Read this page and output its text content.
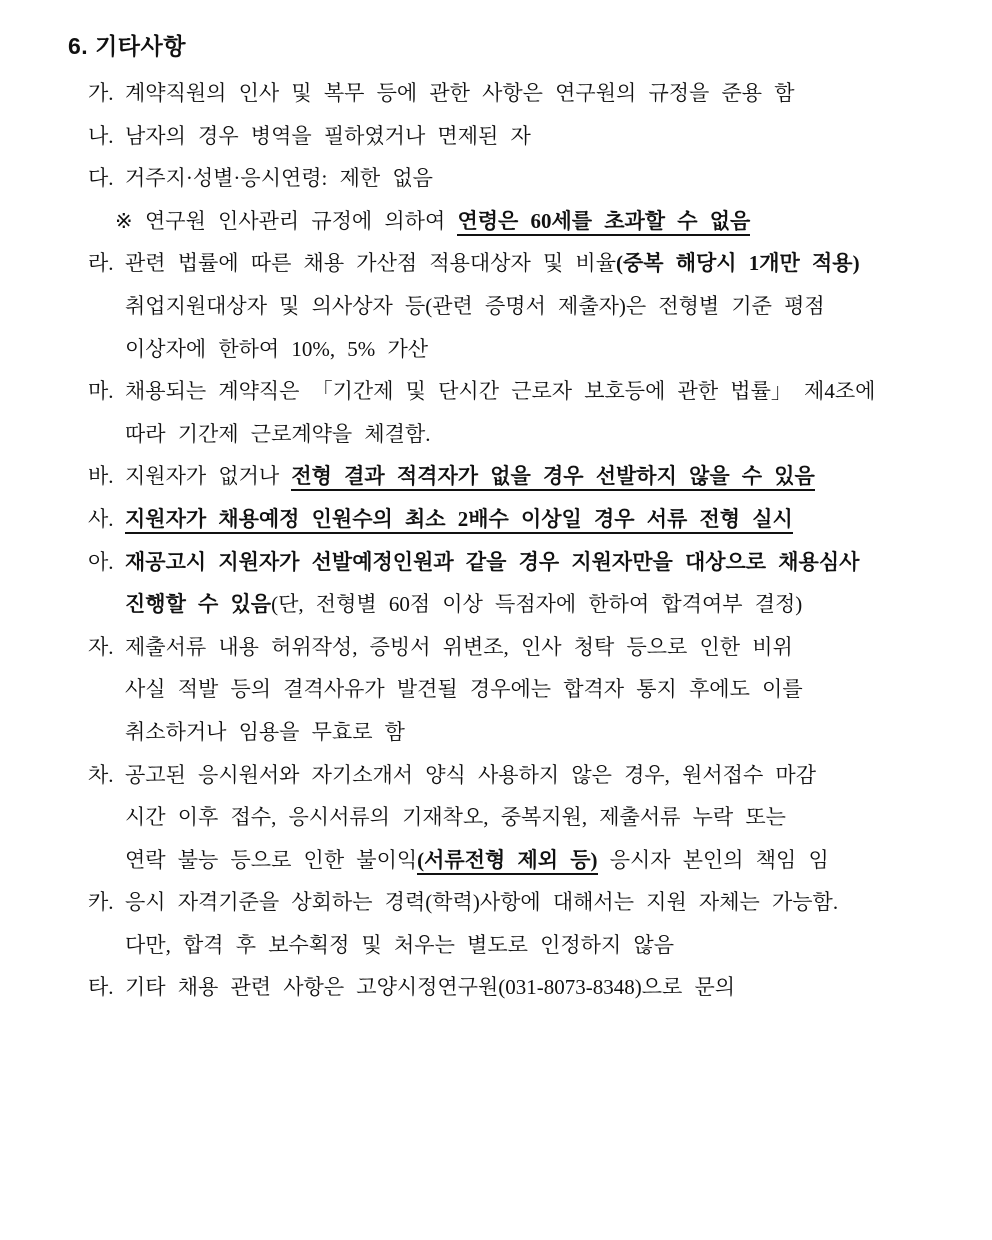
6. 기타사항
가. 계약직원의 인사 및 복무 등에 관한 사항은 연구원의 규정을 준용 함
나. 남자의 경우 병역을 필하였거나 면제된 자
다. 거주지·성별·응시연령: 제한 없음
※ 연구원 인사관리 규정에 의하여 연령은 60세를 초과할 수 없음
라. 관련 법률에 따른 채용 가산점 적용대상자 및 비율(중복 해당시 1개만 적용)
취업지원대상자 및 의사상자 등(관련 증명서 제출자)은 전형별 기준 평점
이상자에 한하여 10%, 5% 가산
마. 채용되는 계약직은 「기간제 및 단시간 근로자 보호등에 관한 법률」 제4조에
따라 기간제 근로계약을 체결함.
바. 지원자가 없거나 전형 결과 적격자가 없을 경우 선발하지 않을 수 있음
사. 지원자가 채용예정 인원수의 최소 2배수 이상일 경우 서류 전형 실시
아. 재공고시 지원자가 선발예정인원과 같을 경우 지원자만을 대상으로 채용심사
진행할 수 있음(단, 전형별 60점 이상 득점자에 한하여 합격여부 결정)
자. 제출서류 내용 허위작성, 증빙서 위변조, 인사 청탁 등으로 인한 비위
사실 적발 등의 결격사유가 발견될 경우에는 합격자 통지 후에도 이를
취소하거나 임용을 무효로 함
차. 공고된 응시원서와 자기소개서 양식 사용하지 않은 경우, 원서접수 마감
시간 이후 접수, 응시서류의 기재착오, 중복지원, 제출서류 누락 또는
연락 불능 등으로 인한 불이익(서류전형 제외 등) 응시자 본인의 책임 임
카. 응시 자격기준을 상회하는 경력(학력)사항에 대해서는 지원 자체는 가능함.
다만, 합격 후 보수획정 및 처우는 별도로 인정하지 않음
타. 기타 채용 관련 사항은 고양시정연구원(031-8073-8348)으로 문의
